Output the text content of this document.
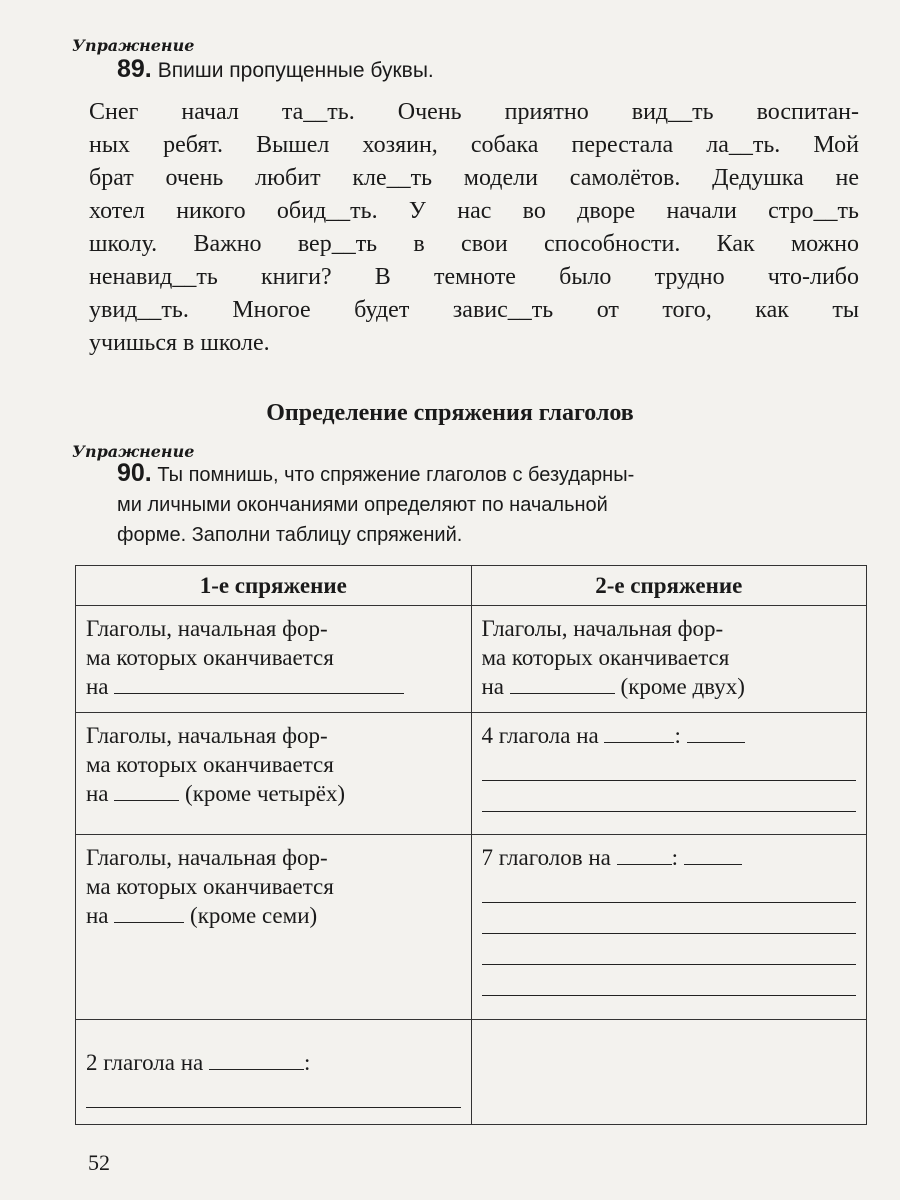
Упражнение
89. Впиши пропущенные буквы.
Снег начал та__ть. Очень приятно вид__ть воспитан-
ных ребят. Вышел хозяин, собака перестала ла__ть. Мой
брат очень любит кле__ть модели самолётов. Дедушка не
хотел никого обид__ть. У нас во дворе начали стро__ть
школу. Важно вер__ть в свои способности. Как можно
ненавид__ть книги? В темноте было трудно что-либо
увид__ть. Многое будет завис__ть от того, как ты
учишься в школе.
Определение спряжения глаголов
Упражнение
90. Ты помнишь, что спряжение глаголов с безударны-
ми личными окончаниями определяют по начальной
форме. Заполни таблицу спряжений.
1-е спряжение	2-е спряжение
Глаголы, начальная фор-
ма которых оканчивается
на	Глаголы, начальная фор-
ма которых оканчивается
на (кроме двух)
Глаголы, начальная фор-
ма которых оканчивается
на (кроме четырёх)	4 глагола на :

Глаголы, начальная фор-
ма которых оканчивается
на (кроме семи)	7 глаголов на :

2 глагола на :

52
